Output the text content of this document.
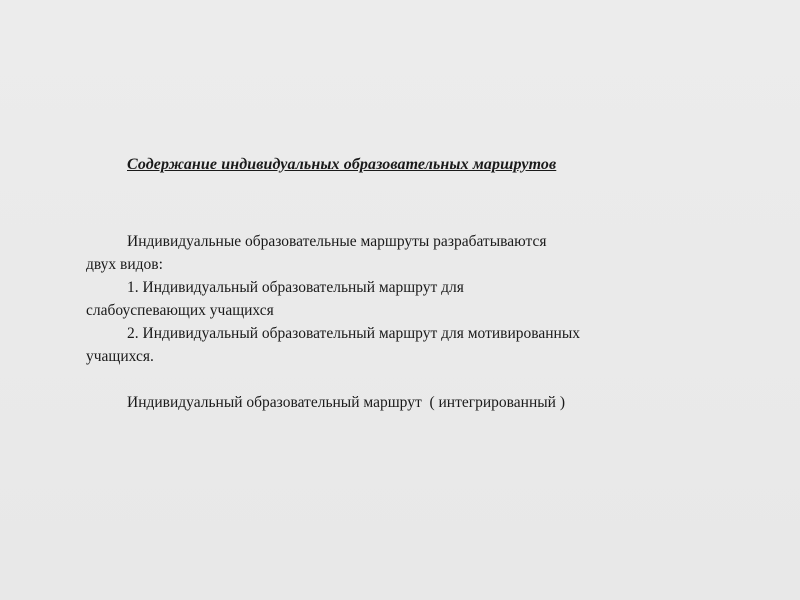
Содержание индивидуальных образовательных маршрутов
Индивидуальные образовательные маршруты разрабатываются
двух видов:
1. Индивидуальный образовательный маршрут для
слабоуспевающих учащихся
2. Индивидуальный образовательный маршрут для мотивированных
учащихся.
Индивидуальный образовательный маршрут  ( интегрированный )
